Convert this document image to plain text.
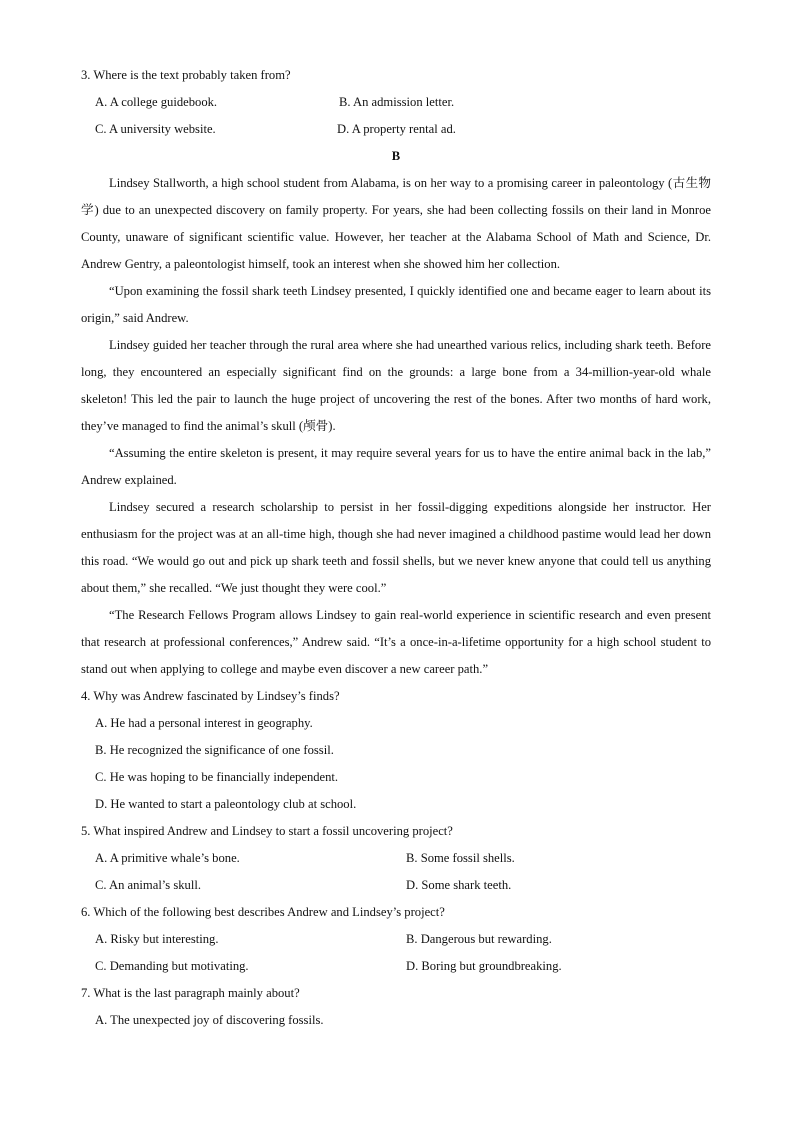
3. Where is the text probably taken from?

A. A college guidebook.	B. An admission letter.
C. A university website.	D. A property rental ad.

B

Lindsey Stallworth, a high school student from Alabama, is on her way to a promising career in paleontology (古生物学) due to an unexpected discovery on family property. For years, she had been collecting fossils on their land in Monroe County, unaware of significant scientific value. However, her teacher at the Alabama School of Math and Science, Dr. Andrew Gentry, a paleontologist himself, took an interest when she showed him her collection.

“Upon examining the fossil shark teeth Lindsey presented, I quickly identified one and became eager to learn about its origin,” said Andrew.

Lindsey guided her teacher through the rural area where she had unearthed various relics, including shark teeth. Before long, they encountered an especially significant find on the grounds: a large bone from a 34-million-year-old whale skeleton! This led the pair to launch the huge project of uncovering the rest of the bones. After two months of hard work, they’ve managed to find the animal’s skull (颅骨).

“Assuming the entire skeleton is present, it may require several years for us to have the entire animal back in the lab,” Andrew explained.

Lindsey secured a research scholarship to persist in her fossil-digging expeditions alongside her instructor. Her enthusiasm for the project was at an all-time high, though she had never imagined a childhood pastime would lead her down this road. “We would go out and pick up shark teeth and fossil shells, but we never knew anyone that could tell us anything about them,” she recalled. “We just thought they were cool.”

“The Research Fellows Program allows Lindsey to gain real-world experience in scientific research and even present that research at professional conferences,” Andrew said. “It’s a once-in-a-lifetime opportunity for a high school student to stand out when applying to college and maybe even discover a new career path.”

4. Why was Andrew fascinated by Lindsey’s finds?

A. He had a personal interest in geography.

B. He recognized the significance of one fossil.

C. He was hoping to be financially independent.

D. He wanted to start a paleontology club at school.

5. What inspired Andrew and Lindsey to start a fossil uncovering project?

A. A primitive whale’s bone.	B. Some fossil shells.
C. An animal’s skull.	D. Some shark teeth.

6. Which of the following best describes Andrew and Lindsey’s project?

A. Risky but interesting.	B. Dangerous but rewarding.
C. Demanding but motivating.	D. Boring but groundbreaking.

7. What is the last paragraph mainly about?

A. The unexpected joy of discovering fossils.
